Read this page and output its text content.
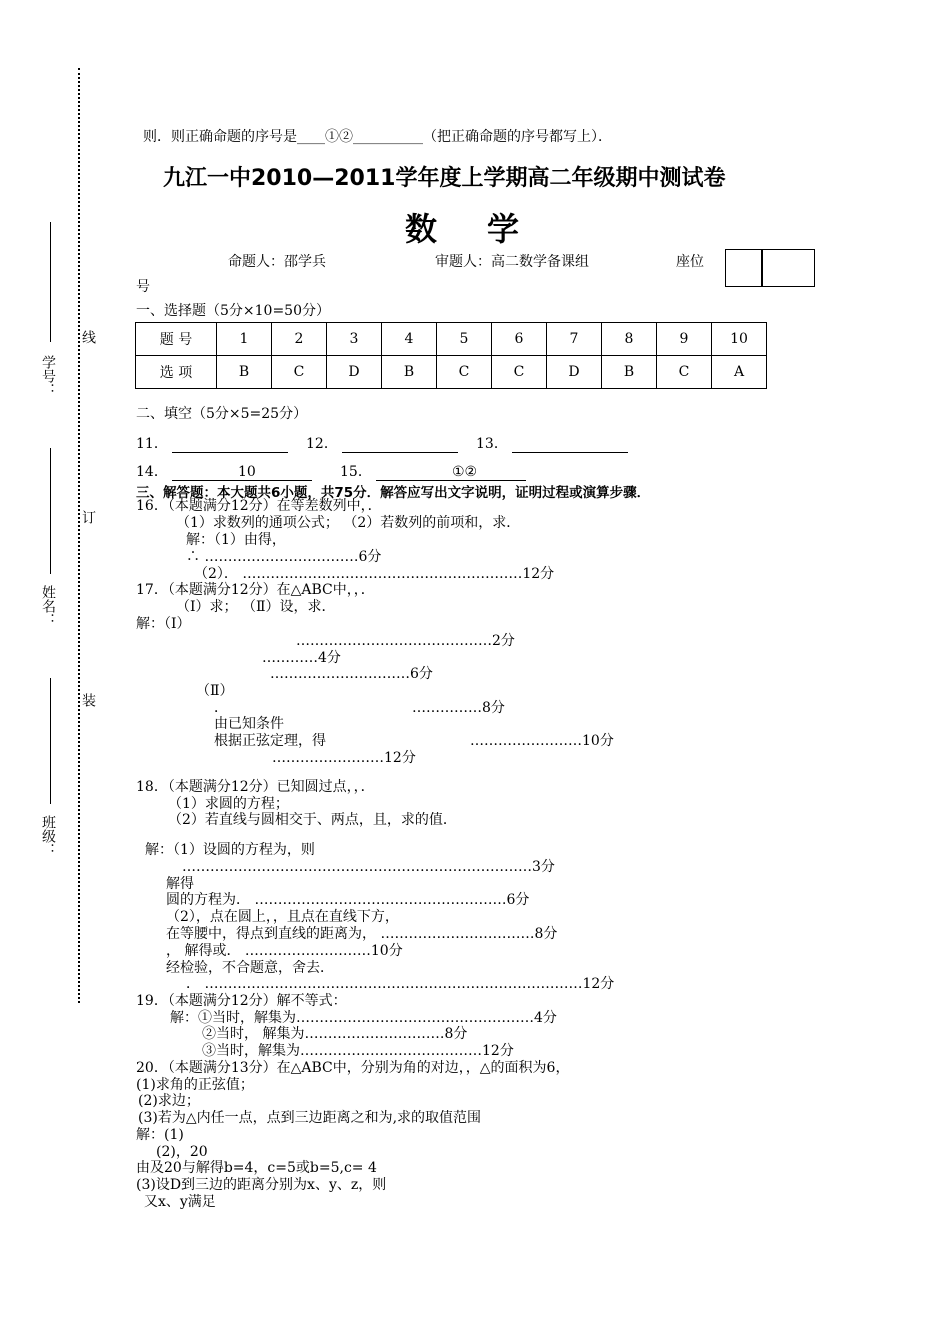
线
订
装
学号：
姓名：
班级：
则．则正确命题的序号是____①②__________（把正确命题的序号都写上）．
九江一中2010—2011学年度上学期高二年级期中测试卷
数学
命题人：邵学兵	审题人：高二数学备课组	座位
号
一、选择题（5分×10=50分）
题 号	1	2	3	4	5	6	7	8	9	10
选 项	B	C	D	B	C	C	D	B	C	A
二、填空（5分×5=25分）
11．	12．	13．
14．	10	15．	①②
三、解答题：本大题共6小题，共75分．解答应写出文字说明，证明过程或演算步骤．
16．（本题满分12分）在等差数列中，．
（1）求数列的通项公式； （2）若数列的前项和，求．
解：（1）由得，
∴ ……………………………6分
（2）． ……………………………………………………12分
17．（本题满分12分）在△ABC中，，．
（Ⅰ）求； （Ⅱ）设，求．
解：（Ⅰ）
……………………………………2分
…………4分
…………………………6分
（Ⅱ）
．	……………8分
由已知条件
根据正弦定理，得	……………………10分
……………………12分
18．（本题满分12分）已知圆过点，，．
（1）求圆的方程；
（2）若直线与圆相交于、两点，且，求的值．
解：（1）设圆的方程为，则
…………………………………………………………………3分
解得
圆的方程为． ………………………………………………6分
（2），点在圆上，，且点在直线下方，
在等腰中，得点到直线的距离为， ……………………………8分
， 解得或． ………………………10分
经检验，不合题意，舍去．
． ………………………………………………………………………12分
19．（本题满分12分）解不等式：
解：①当时，解集为……………………………………………4分
②当时， 解集为…………………………8分
③当时，解集为…………………………………12分
20．（本题满分13分）在△ABC中，分别为角的对边，，△的面积为6，
(1)求角的正弦值；
(2)求边；
(3)若为△内任一点，点到三边距离之和为,求的取值范围
解：(1)
(2)，20
由及20与解得b=4，c=5或b=5,c= 4
(3)设D到三边的距离分别为x、y、z，则
又x、y满足
